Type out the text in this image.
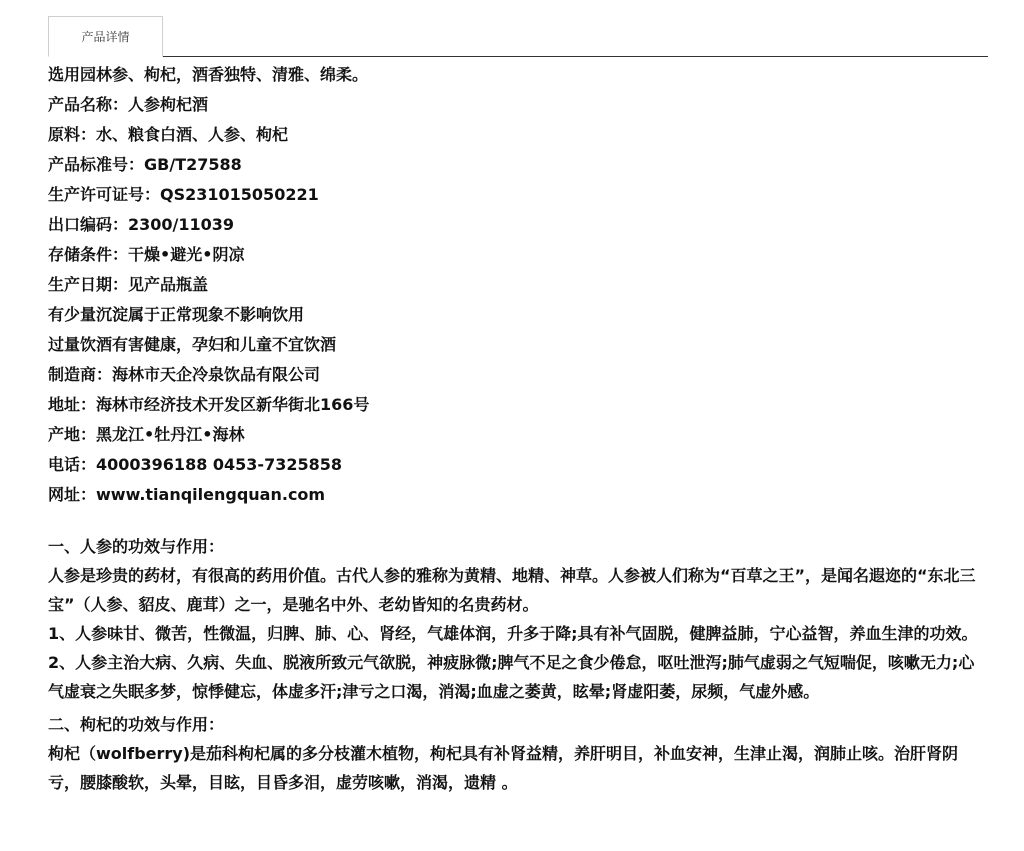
产品详情
选用园林参、枸杞，酒香独特、清雅、绵柔。
产品名称：人参枸杞酒
原料：水、粮食白酒、人参、枸杞
产品标准号：GB/T27588
生产许可证号：QS231015050221
出口编码：2300/11039
存储条件：干燥•避光•阴凉
生产日期：见产品瓶盖
有少量沉淀属于正常现象不影响饮用
过量饮酒有害健康，孕妇和儿童不宜饮酒
制造商：海林市天企冷泉饮品有限公司
地址：海林市经济技术开发区新华街北166号
产地：黑龙江•牡丹江•海林
电话：4000396188 0453-7325858
网址：www.tianqilengquan.com
一、人参的功效与作用：
人参是珍贵的药材，有很高的药用价值。古代人参的雅称为黄精、地精、神草。人参被人们称为“百草之王”，是闻名遐迩的“东北三宝”（人参、貂皮、鹿茸）之一，是驰名中外、老幼皆知的名贵药材。
1、人参味甘、微苦，性微温，归脾、肺、心、肾经，气雄体润，升多于降;具有补气固脱，健脾益肺，宁心益智，养血生津的功效。
2、人参主治大病、久病、失血、脱液所致元气欲脱，神疲脉微;脾气不足之食少倦怠，呕吐泄泻;肺气虚弱之气短喘促，咳嗽无力;心气虚衰之失眠多梦，惊悸健忘，体虚多汗;津亏之口渴，消渴;血虚之萎黄，眩晕;肾虚阳萎，尿频，气虚外感。
二、枸杞的功效与作用：
枸杞（wolfberry)是茄科枸杞属的多分枝灌木植物，枸杞具有补肾益精，养肝明目，补血安神，生津止渴，润肺止咳。治肝肾阴亏，腰膝酸软，头晕，目眩，目昏多泪，虚劳咳嗽，消渴，遗精 。
